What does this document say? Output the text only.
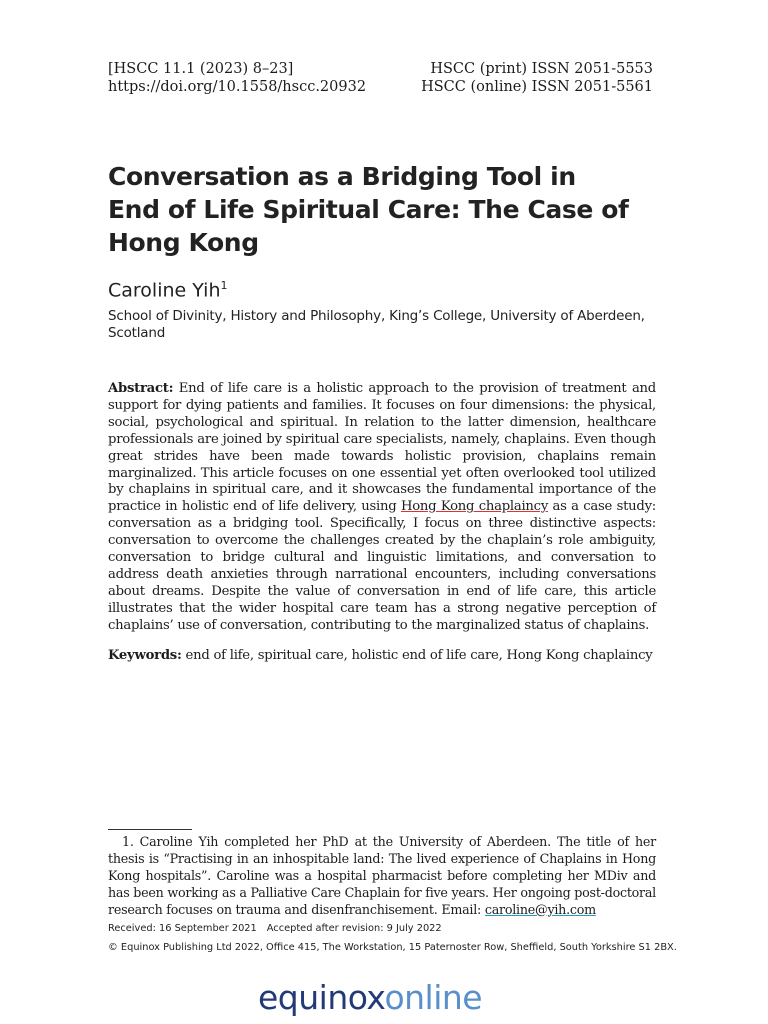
[HSCC 11.1 (2023) 8–23]
https://doi.org/10.1558/hscc.20932
HSCC (print) ISSN 2051-5553
HSCC (online) ISSN 2051-5561
Conversation as a Bridging Tool in
End of Life Spiritual Care: The Case of
Hong Kong
Caroline Yih$^1$
School of Divinity, History and Philosophy, King’s College, University of Aberdeen, Scotland

Abstract: End of life care is a holistic approach to the provision of treatment and support for dying patients and families. It focuses on four dimensions: the physical, social, psychological and spiritual. In relation to the latter dimension, healthcare professionals are joined by spiritual care specialists, namely, chaplains. Even though great strides have been made towards holistic provision, chaplains remain marginalized. This article focuses on one essential yet often overlooked tool utilized by chaplains in spiritual care, and it showcases the fundamental importance of the practice in holistic end of life delivery, using Hong Kong chaplaincy as a case study: conversation as a bridging tool. Specifically, I focus on three distinctive aspects: conversation to overcome the challenges created by the chaplain’s role ambiguity, conversation to bridge cultural and linguistic limitations, and conversation to address death anxieties through narrational encounters, including conversations about dreams. Despite the value of conversation in end of life care, this article illustrates that the wider hospital care team has a strong negative perception of chaplains’ use of conversation, contributing to the marginalized status of chaplains.

Keywords: end of life, spiritual care, holistic end of life care, Hong Kong chaplaincy

1. Caroline Yih completed her PhD at the University of Aberdeen. The title of her thesis is “Practising in an inhospitable land: The lived experience of Chaplains in Hong Kong hospitals”. Caroline was a hospital pharmacist before completing her MDiv and has been working as a Palliative Care Chaplain for five years. Her ongoing post-doctoral research focuses on trauma and disenfranchisement. Email: caroline@yih.com

Received: 16 September 2021 Accepted after revision: 9 July 2022
© Equinox Publishing Ltd 2022, Office 415, The Workstation, 15 Paternoster Row, Sheffield, South Yorkshire S1 2BX.
equinoxonline
